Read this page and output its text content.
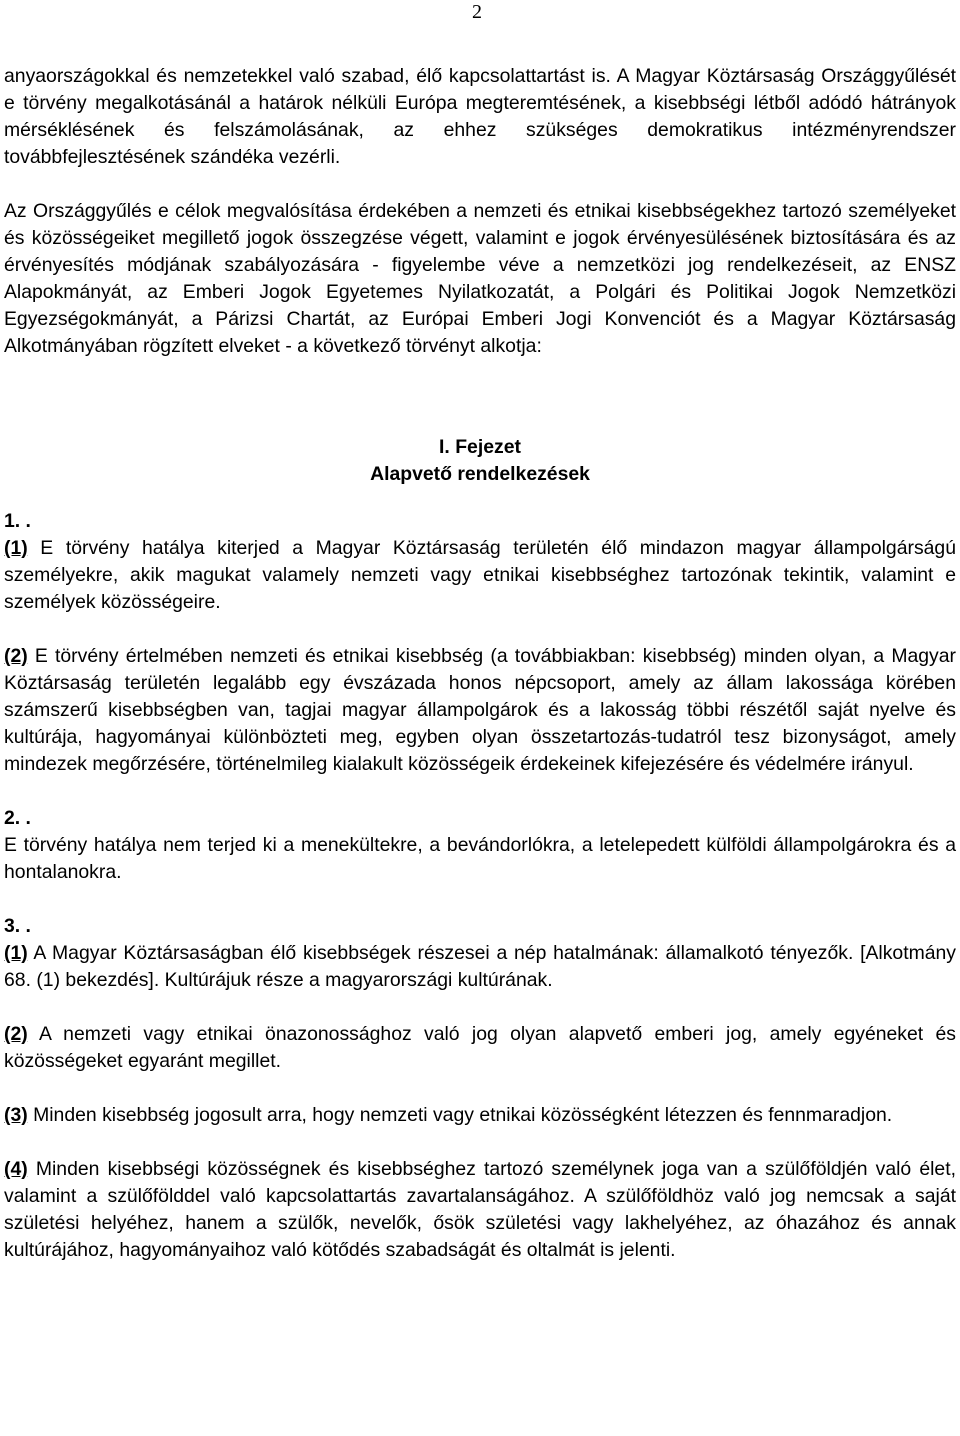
2

anyaországokkal és nemzetekkel való szabad, élő kapcsolattartást is. A Magyar Köztársaság Országgyűlését e törvény megalkotásánál a határok nélküli Európa megteremtésének, a kisebbségi létből adódó hátrányok mérséklésének és felszámolásának, az ehhez szükséges demokratikus intézményrendszer továbbfejlesztésének szándéka vezérli.

Az Országgyűlés e célok megvalósítása érdekében a nemzeti és etnikai kisebbségekhez tartozó személyeket és közösségeiket megillető jogok összegzése végett, valamint e jogok érvényesülésének biztosítására és az érvényesítés módjának szabályozására - figyelembe véve a nemzetközi jog rendelkezéseit, az ENSZ Alapokmányát, az Emberi Jogok Egyetemes Nyilatkozatát, a Polgári és Politikai Jogok Nemzetközi Egyezségokmányát, a Párizsi Chartát, az Európai Emberi Jogi Konvenciót és a Magyar Köztársaság Alkotmányában rögzített elveket - a következő törvényt alkotja:

I. Fejezet
Alapvető rendelkezések
1. .

(1) E törvény hatálya kiterjed a Magyar Köztársaság területén élő mindazon magyar állampolgárságú személyekre, akik magukat valamely nemzeti vagy etnikai kisebbséghez tartozónak tekintik, valamint e személyek közösségeire.

(2) E törvény értelmében nemzeti és etnikai kisebbség (a továbbiakban: kisebbség) minden olyan, a Magyar Köztársaság területén legalább egy évszázada honos népcsoport, amely az állam lakossága körében számszerű kisebbségben van, tagjai magyar állampolgárok és a lakosság többi részétől saját nyelve és kultúrája, hagyományai különbözteti meg, egyben olyan összetartozás-tudatról tesz bizonyságot, amely mindezek megőrzésére, történelmileg kialakult közösségeik érdekeinek kifejezésére és védelmére irányul.

2. .

E törvény hatálya nem terjed ki a menekültekre, a bevándorlókra, a letelepedett külföldi állampolgárokra és a hontalanokra.

3. .

(1) A Magyar Köztársaságban élő kisebbségek részesei a nép hatalmának: államalkotó tényezők. [Alkotmány 68. (1) bekezdés]. Kultúrájuk része a magyarországi kultúrának.

(2) A nemzeti vagy etnikai önazonossághoz való jog olyan alapvető emberi jog, amely egyéneket és közösségeket egyaránt megillet.

(3) Minden kisebbség jogosult arra, hogy nemzeti vagy etnikai közösségként létezzen és fennmaradjon.

(4) Minden kisebbségi közösségnek és kisebbséghez tartozó személynek joga van a szülőföldjén való élet, valamint a szülőfölddel való kapcsolattartás zavartalanságához. A szülőföldhöz való jog nemcsak a saját születési helyéhez, hanem a szülők, nevelők, ősök születési vagy lakhelyéhez, az óhazához és annak kultúrájához, hagyományaihoz való kötődés szabadságát és oltalmát is jelenti.
